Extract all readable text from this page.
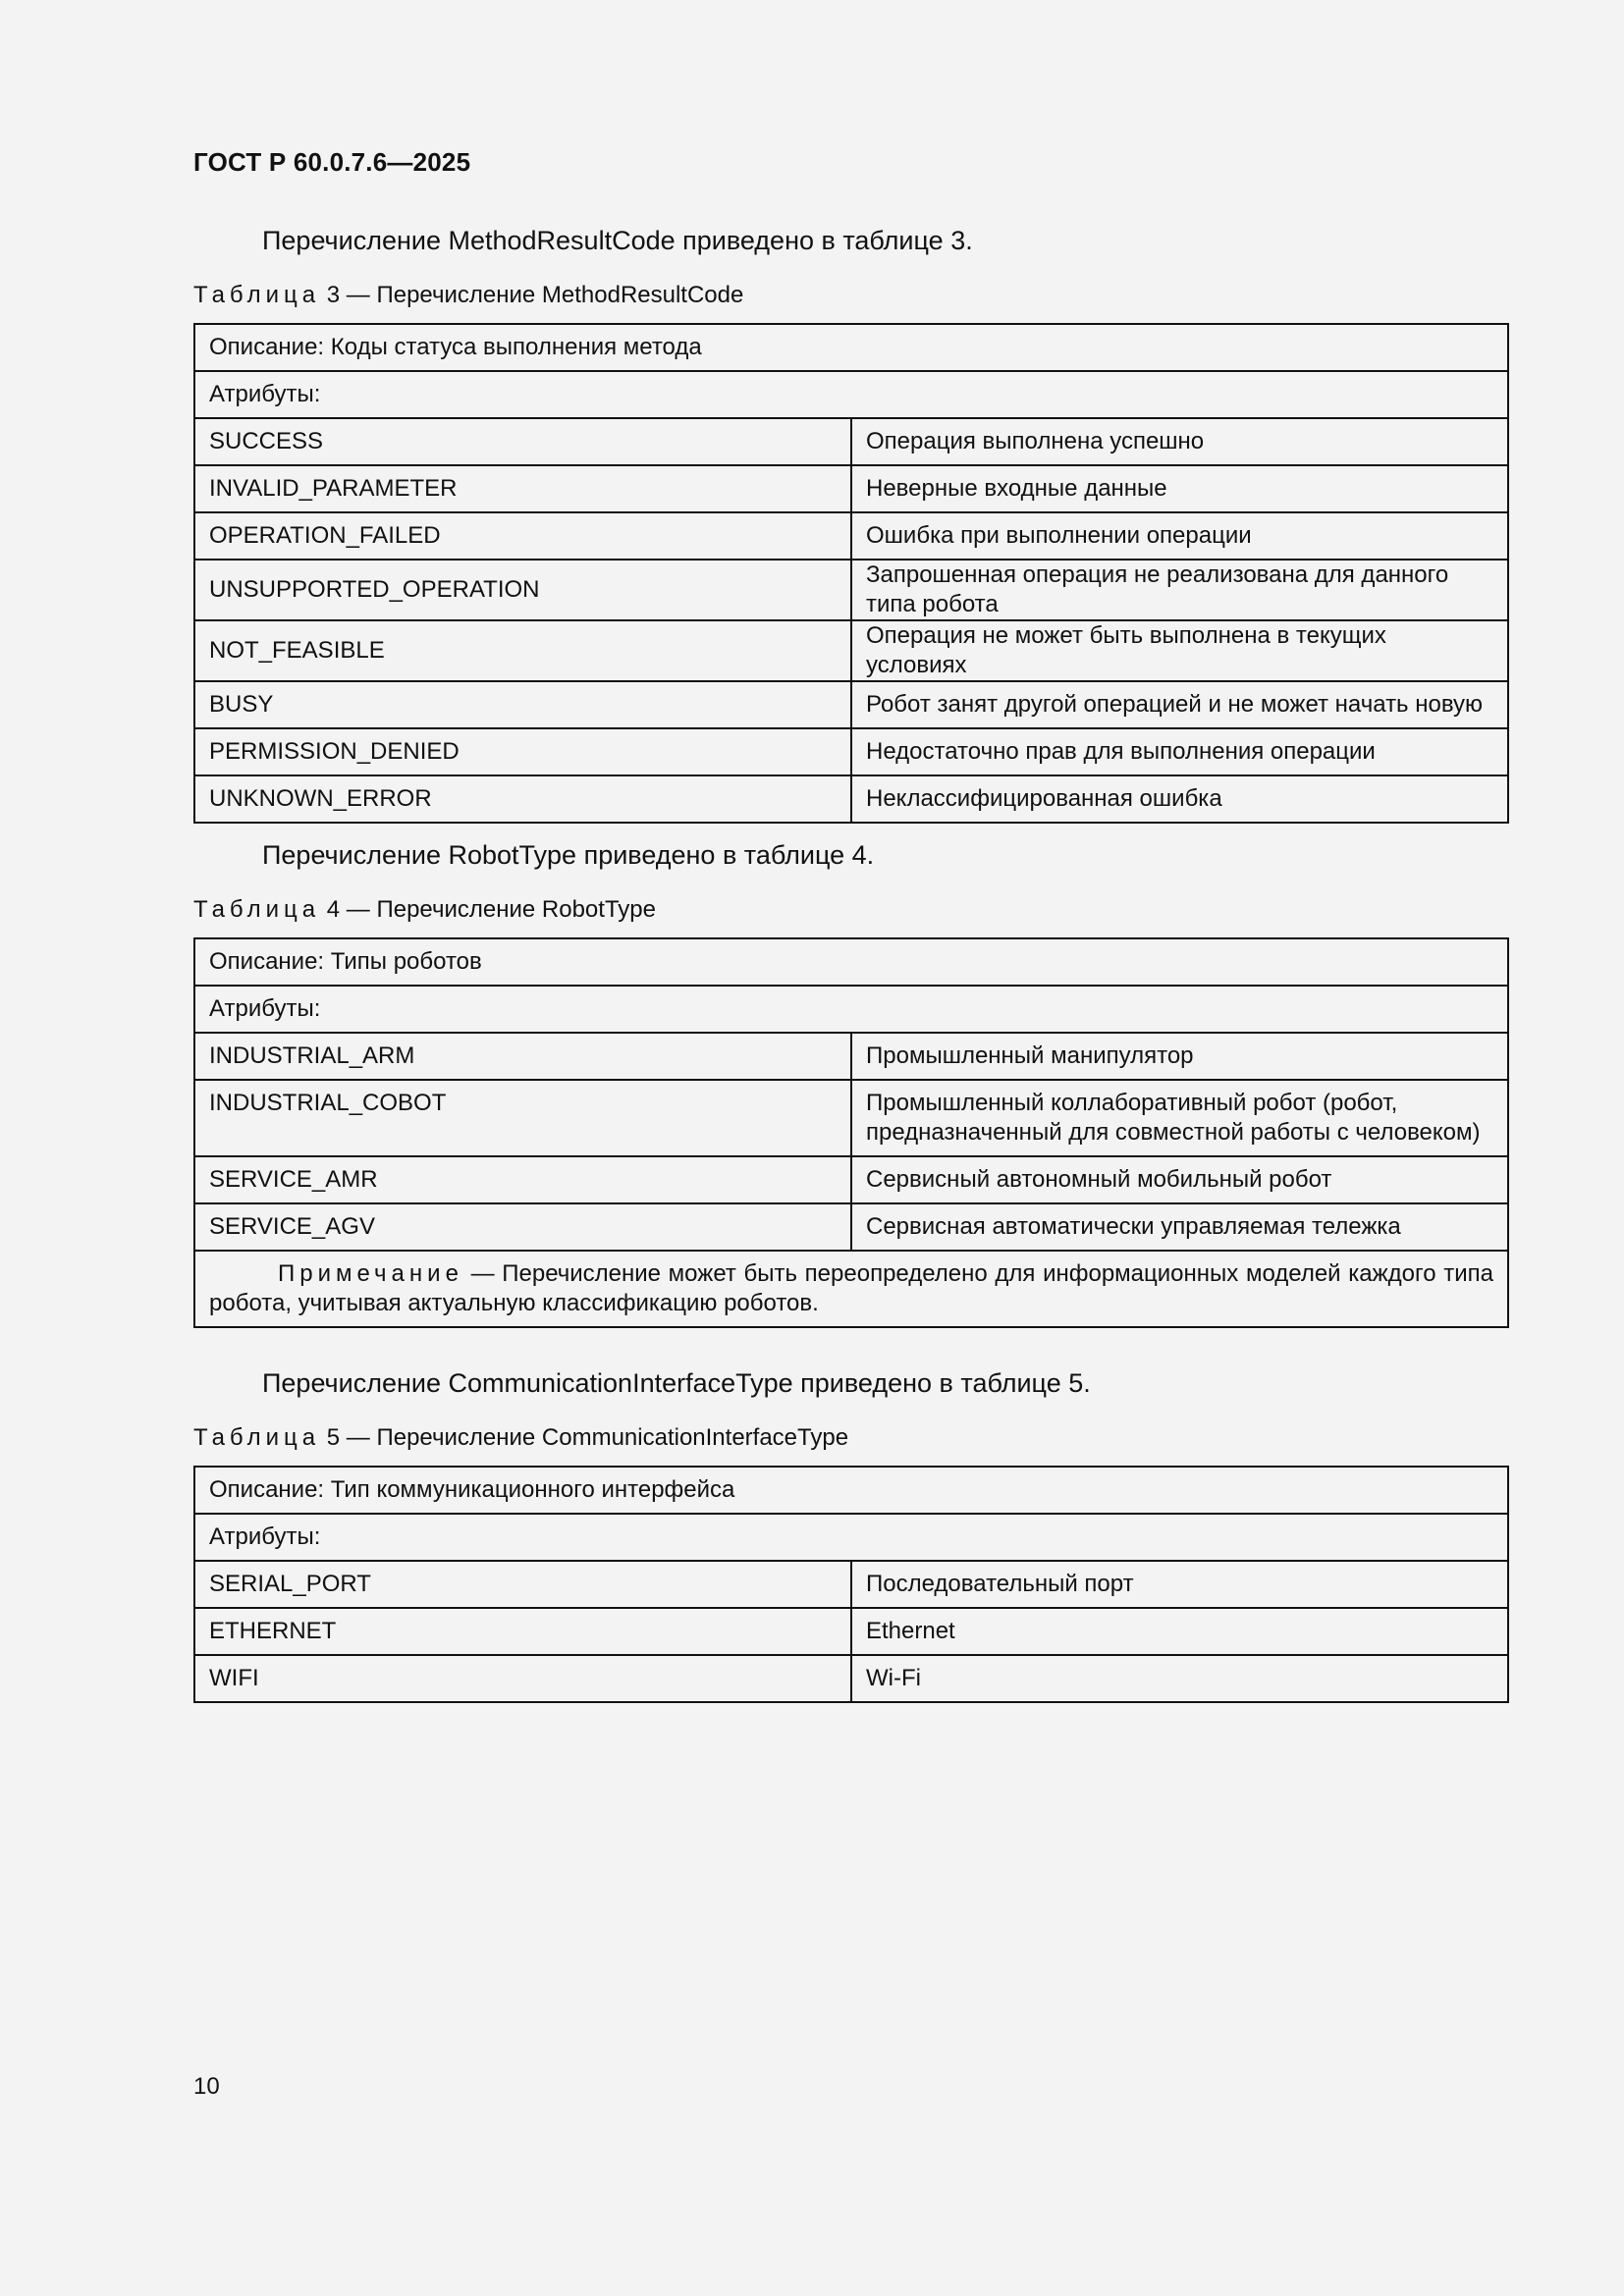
ГОСТ Р 60.0.7.6—2025
Перечисление MethodResultCode приведено в таблице 3.
Таблица 3 — Перечисление MethodResultCode
Описание: Коды статуса выполнения метода	
Атрибуты:	
SUCCESS	Операция выполнена успешно
INVALID_PARAMETER	Неверные входные данные
OPERATION_FAILED	Ошибка при выполнении операции
UNSUPPORTED_OPERATION	Запрошенная операция не реализована для данного типа робота
NOT_FEASIBLE	Операция не может быть выполнена в текущих условиях
BUSY	Робот занят другой операцией и не может начать новую
PERMISSION_DENIED	Недостаточно прав для выполнения операции
UNKNOWN_ERROR	Неклассифицированная ошибка
Перечисление RobotType приведено в таблице 4.
Таблица 4 — Перечисление RobotType
Описание: Типы роботов	
Атрибуты:	
INDUSTRIAL_ARM	Промышленный манипулятор
INDUSTRIAL_COBOT	Промышленный коллаборативный робот (робот, предназначенный для совместной работы с человеком)
SERVICE_AMR	Сервисный автономный мобильный робот
SERVICE_AGV	Сервисная автоматически управляемая тележка
Примечание — Перечисление может быть переопределено для информационных моделей каждого типа робота, учитывая актуальную классификацию роботов.	
Перечисление CommunicationInterfaceType приведено в таблице 5.
Таблица 5 — Перечисление CommunicationInterfaceType
Описание: Тип коммуникационного интерфейса	
Атрибуты:	
SERIAL_PORT	Последовательный порт
ETHERNET	Ethernet
WIFI	Wi-Fi
10
